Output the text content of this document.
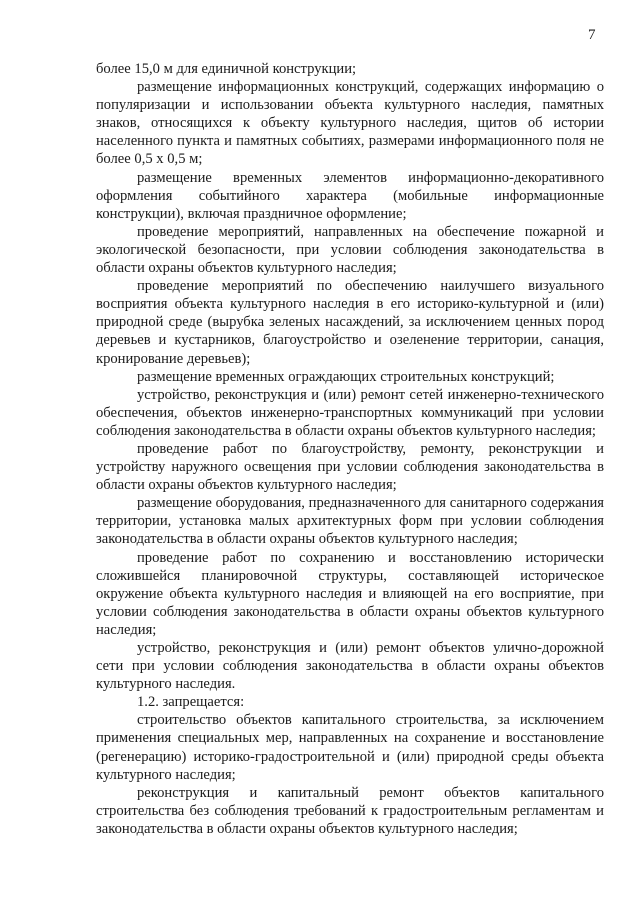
7

более 15,0 м для единичной конструкции;

размещение информационных конструкций, содержащих информацию о популяризации и использовании объекта культурного наследия, памятных знаков, относящихся к объекту культурного наследия, щитов об истории населенного пункта и памятных событиях, размерами информационного поля не более 0,5 х 0,5 м;

размещение временных элементов информационно-декоративного оформления событийного характера (мобильные информационные конструкции), включая праздничное оформление;

проведение мероприятий, направленных на обеспечение пожарной и экологической безопасности, при условии соблюдения законодательства в области охраны объектов культурного наследия;

проведение мероприятий по обеспечению наилучшего визуального восприятия объекта культурного наследия в его историко-культурной и (или) природной среде (вырубка зеленых насаждений, за исключением ценных пород деревьев и кустарников, благоустройство и озеленение территории, санация, кронирование деревьев);

размещение временных ограждающих строительных конструкций;

устройство, реконструкция и (или) ремонт сетей инженерно-технического обеспечения, объектов инженерно-транспортных коммуникаций при условии соблюдения законодательства в области охраны объектов культурного наследия;

проведение работ по благоустройству, ремонту, реконструкции и устройству наружного освещения при условии соблюдения законодательства в области охраны объектов культурного наследия;

размещение оборудования, предназначенного для санитарного содержания территории, установка малых архитектурных форм при условии соблюдения законодательства в области охраны объектов культурного наследия;

проведение работ по сохранению и восстановлению исторически сложившейся планировочной структуры, составляющей историческое окружение объекта культурного наследия и влияющей на его восприятие, при условии соблюдения законодательства в области охраны объектов культурного наследия;

устройство, реконструкция и (или) ремонт объектов улично-дорожной сети при условии соблюдения законодательства в области охраны объектов культурного наследия.

1.2. запрещается:

строительство объектов капитального строительства, за исключением применения специальных мер, направленных на сохранение и восстановление (регенерацию) историко-градостроительной и (или) природной среды объекта культурного наследия;

реконструкция и капитальный ремонт объектов капитального строительства без соблюдения требований к градостроительным регламентам и законодательства в области охраны объектов культурного наследия;
